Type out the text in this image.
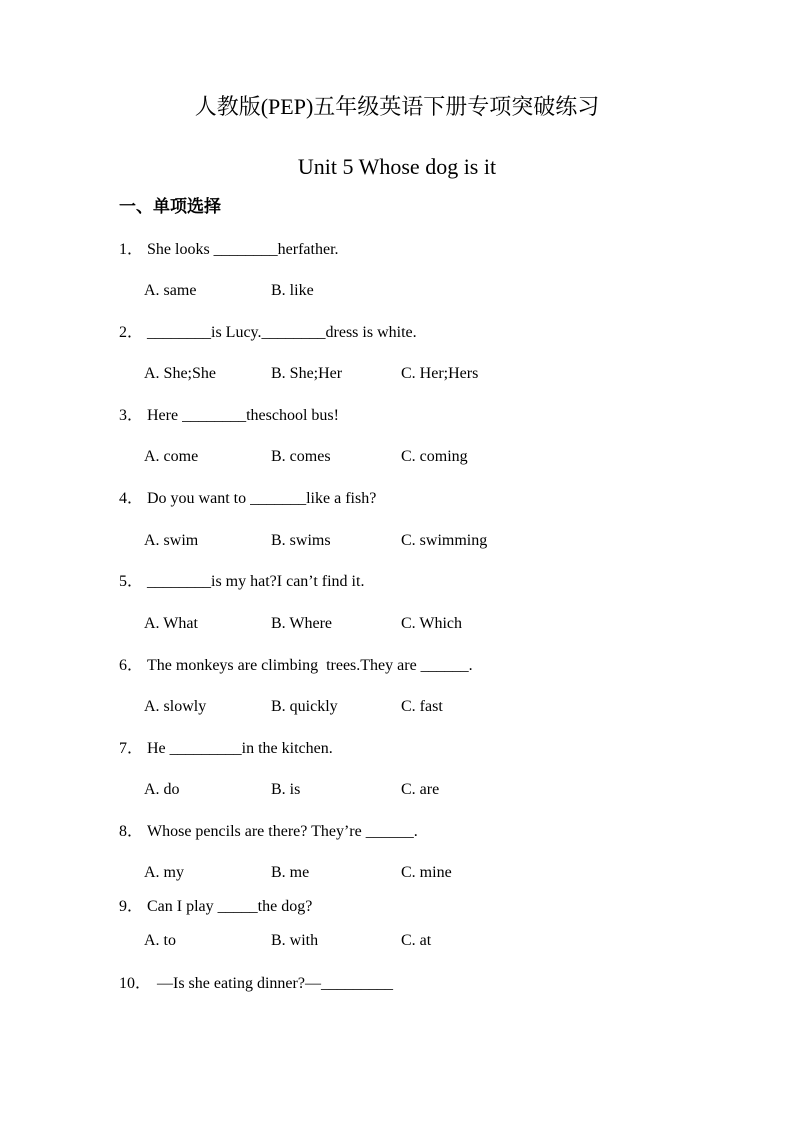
人教版(PEP)五年级英语下册专项突破练习
Unit 5 Whose dog is it
一、单项选择
1． She looks ________herfather.
A. same	B. like
2． ________is Lucy.________dress is white.
A. She;She	B. She;Her	C. Her;Hers
3． Here ________theschool bus!
A. come	B. comes	C. coming
4． Do you want to _______like a fish?
A. swim	B. swims	C. swimming
5． ________is my hat?I can’t find it.
A. What	B. Where	C. Which
6． The monkeys are climbing  trees.They are ______.
A. slowly	B. quickly	C. fast
7． He _________in the kitchen.
A. do	B. is	C. are
8． Whose pencils are there? They’re ______.
A. my	B. me	C. mine
9． Can I play _____the dog?
A. to	B. with	C. at
10． —Is she eating dinner?—_________
